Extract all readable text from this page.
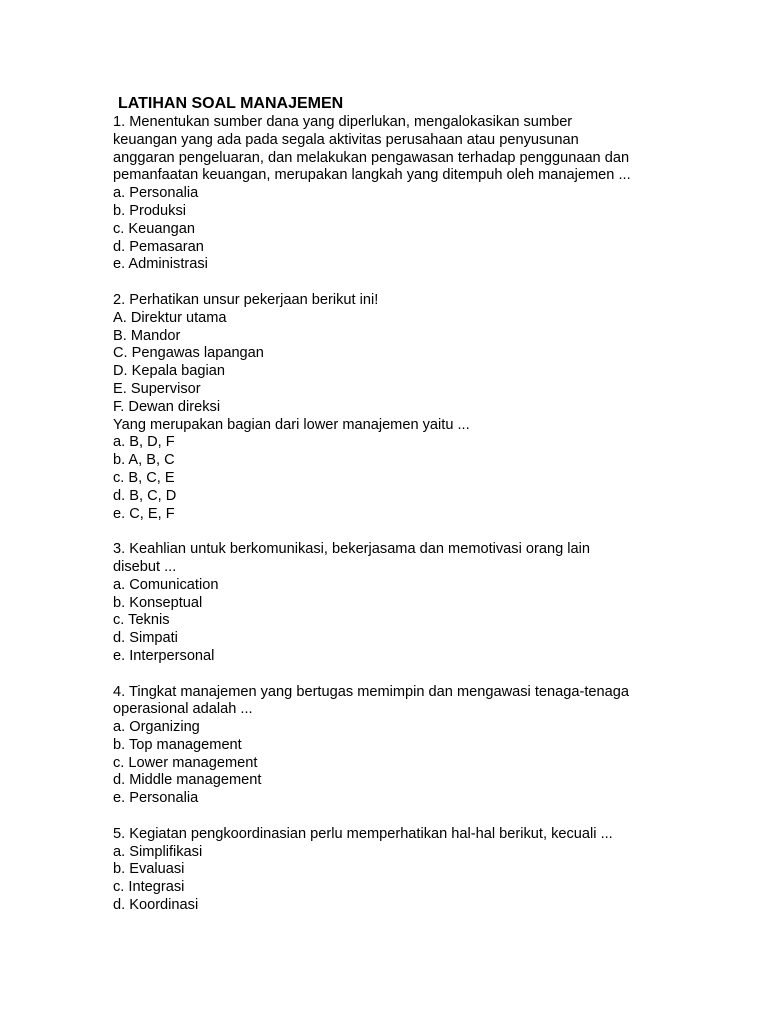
LATIHAN SOAL MANAJEMEN

1. Menentukan sumber dana yang diperlukan, mengalokasikan sumber

keuangan yang ada pada segala aktivitas perusahaan atau penyusunan

anggaran pengeluaran, dan melakukan pengawasan terhadap penggunaan dan

pemanfaatan keuangan, merupakan langkah yang ditempuh oleh manajemen ...

a. Personalia

b. Produksi

c. Keuangan

d. Pemasaran

e. Administrasi

2. Perhatikan unsur pekerjaan berikut ini!

A. Direktur utama

B. Mandor

C. Pengawas lapangan

D. Kepala bagian

E. Supervisor

F. Dewan direksi

Yang merupakan bagian dari lower manajemen yaitu ...

a. B, D, F

b. A, B, C

c. B, C, E

d. B, C, D

e. C, E, F

3. Keahlian untuk berkomunikasi, bekerjasama dan memotivasi orang lain

disebut ...

a. Comunication

b. Konseptual

c. Teknis

d. Simpati

e. Interpersonal

4. Tingkat manajemen yang bertugas memimpin dan mengawasi tenaga-tenaga

operasional adalah ...

a. Organizing

b. Top management

c. Lower management

d. Middle management

e. Personalia

5. Kegiatan pengkoordinasian perlu memperhatikan hal-hal berikut, kecuali ...

a. Simplifikasi

b. Evaluasi

c. Integrasi

d. Koordinasi
